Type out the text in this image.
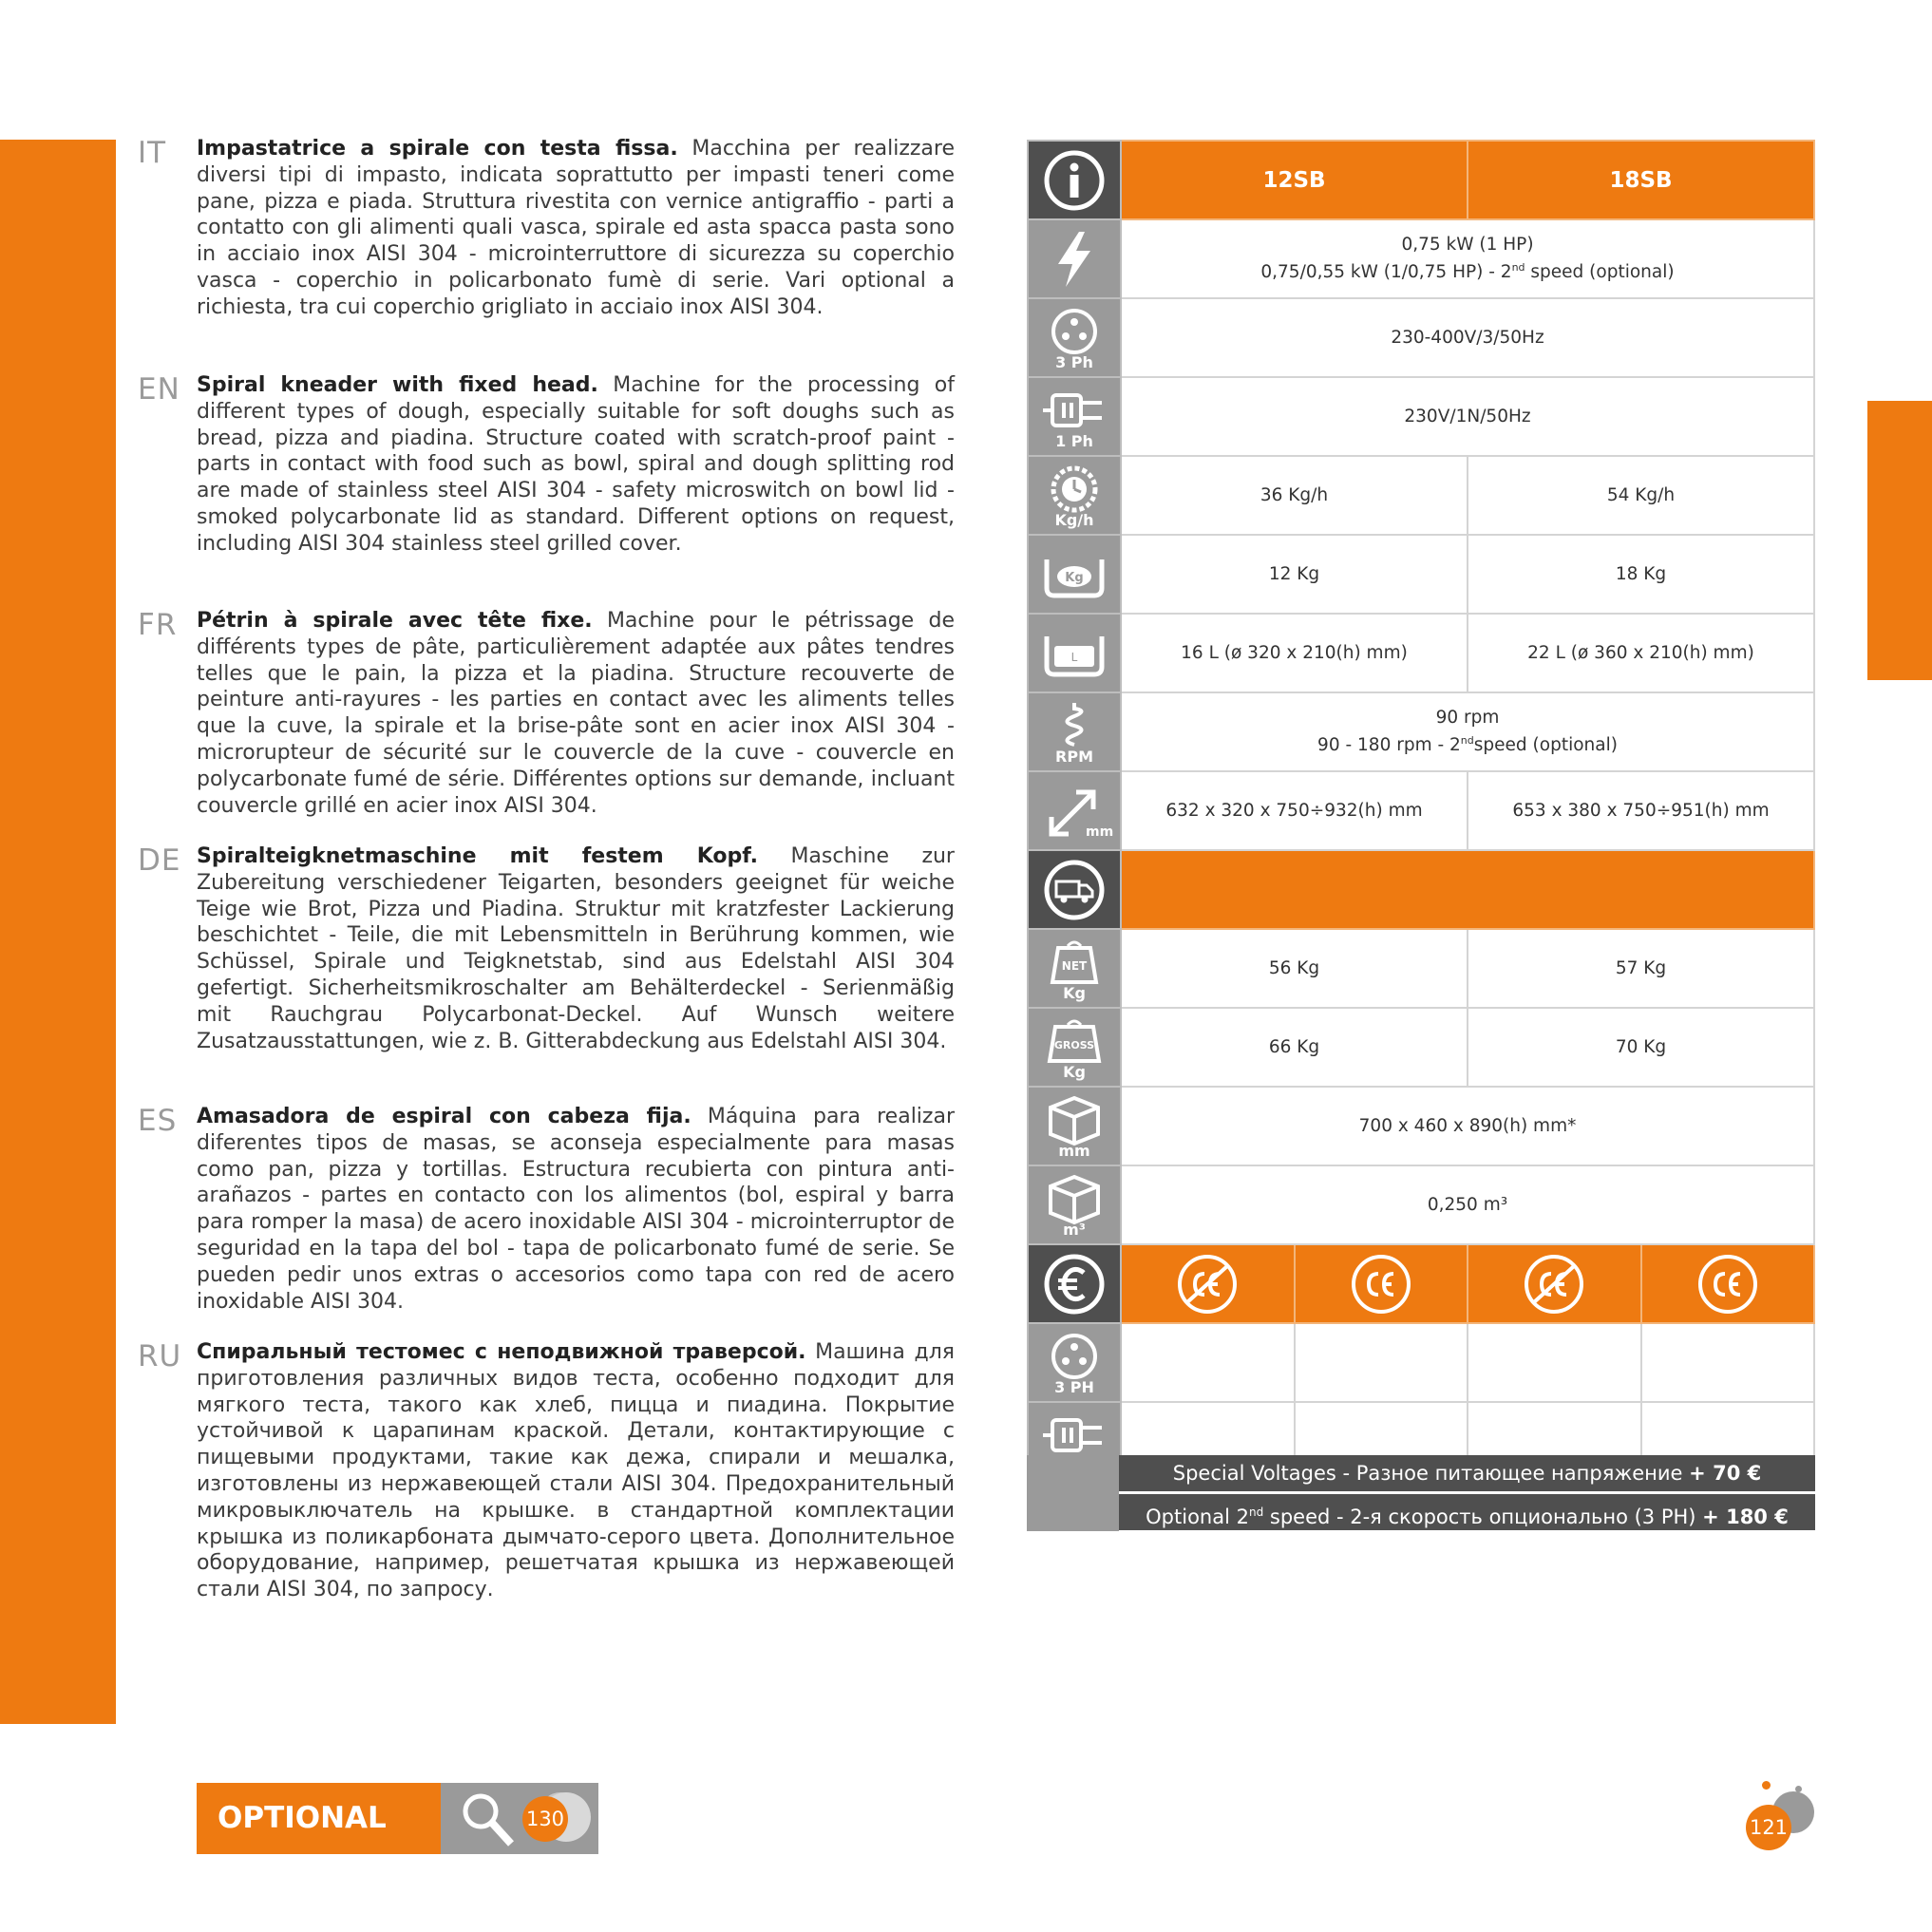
IT Impastatrice a spirale con testa fissa. Macchina per realizzare diversi tipi di impasto, indicata soprattutto per impasti teneri come pane, pizza e piada. Struttura rivestita con vernice antigraffio - parti a contatto con gli alimenti quali vasca, spirale ed asta spacca pasta sono in acciaio inox AISI 304 - microinterruttore di sicurezza su coperchio vasca - coperchio in policarbonato fumè di serie. Vari optional a richiesta, tra cui coperchio grigliato in acciaio inox AISI 304.
EN Spiral kneader with fixed head. Machine for the processing of different types of dough, especially suitable for soft doughs such as bread, pizza and piadina. Structure coated with scratch-proof paint - parts in contact with food such as bowl, spiral and dough splitting rod are made of stainless steel AISI 304 - safety microswitch on bowl lid - smoked polycarbonate lid as standard. Different options on request, including AISI 304 stainless steel grilled cover.
FR Pétrin à spirale avec tête fixe. Machine pour le pétrissage de différents types de pâte, particulièrement adaptée aux pâtes tendres telles que le pain, la pizza et la piadina. Structure recouverte de peinture anti-rayures - les parties en contact avec les aliments telles que la cuve, la spirale et la brise-pâte sont en acier inox AISI 304 - microrupteur de sécurité sur le couvercle de la cuve - couvercle en polycarbonate fumé de série. Différentes options sur demande, incluant couvercle grillé en acier inox AISI 304.
DE Spiralteigknetmaschine mit festem Kopf. Maschine zur Zubereitung verschiedener Teigarten, besonders geeignet für weiche Teige wie Brot, Pizza und Piadina. Struktur mit kratzfester Lackierung beschichtet - Teile, die mit Lebensmitteln in Berührung kommen, wie Schüssel, Spirale und Teigknetstab, sind aus Edelstahl AISI 304 gefertigt. Sicherheitsmikroschalter am Behälterdeckel - Serienmäßig mit Rauchgrau Polycarbonat-Deckel. Auf Wunsch weitere Zusatzausstattungen, wie z. B. Gitterabdeckung aus Edelstahl AISI 304.
ES Amasadora de espiral con cabeza fija. Máquina para realizar diferentes tipos de masas, se aconseja especialmente para masas como pan, pizza y tortillas. Estructura recubierta con pintura anti-arañazos - partes en contacto con los alimentos (bol, espiral y barra para romper la masa) de acero inoxidable AISI 304 - microinterruptor de seguridad en la tapa del bol - tapa de policarbonato fumé de serie. Se pueden pedir unos extras o accesorios como tapa con red de acero inoxidable AISI 304.
RU Спиральный тестомес с неподвижной траверсой. Машина для приготовления различных видов теста, особенно подходит для мягкого теста, такого как хлеб, пицца и пиадина. Покрытие устойчивой к царапинам краской. Детали, контактирующие с пищевыми продуктами, такие как дежа, спирали и мешалка, изготовлены из нержавеющей стали AISI 304. Предохранительный микровыключатель на крышке. в стандартной комплектации крышка из поликарбоната дымчато-серого цвета. Дополнительное оборудование, например, решетчатая крышка из нержавеющей стали AISI 304, по запросу.
	12SB	18SB

0,75 kW (1 HP)
0,75/0,55 kW (1/0,75 HP) - 2nd speed (optional)	

3 Ph	230-400V/3/50Hz	

1 Ph	230V/1N/50Hz	

Kg/h	36 Kg/h	54 Kg/h

Kg	12 Kg	18 Kg

L	16 L (ø 320 x 210(h) mm)	22 L (ø 360 x 210(h) mm)

RPM	90 rpm
90 - 180 rpm - 2ndspeed (optional)	

mm	632 x 320 x 750÷932(h) mm	653 x 380 x 750÷951(h) mm

NET
Kg	56 Kg	57 Kg

GROSS
Kg	66 Kg	70 Kg

mm	700 x 460 x 890(h) mm*	

m³	0,250 m³	

3 PH		

Special Voltages - Разное питающее напряжение + 70 €
Optional 2nd speed - 2-я скорость опционально (3 PH) + 180 €
OPTIONAL	130	121
